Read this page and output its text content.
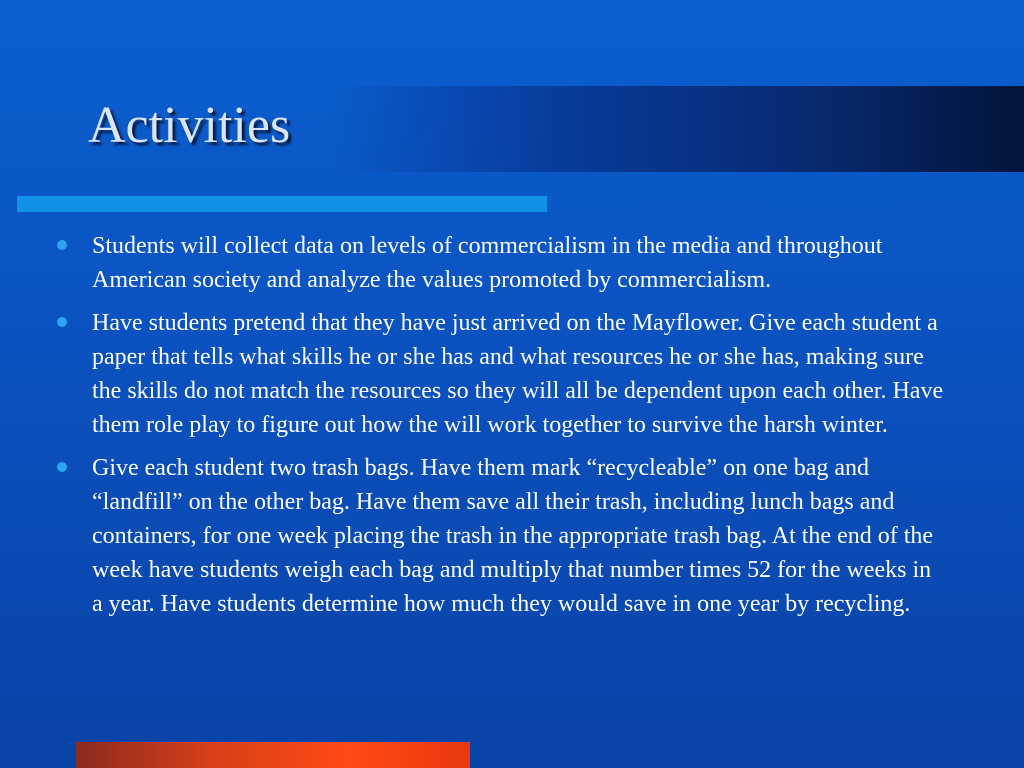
Activities
Students will collect data on levels of commercialism in the media and throughout American society and analyze the values promoted by commercialism.
Have students pretend that they have just arrived on the Mayflower. Give each student a paper that tells what skills he or she has and what resources he or she has, making sure the skills do not match the resources so they will all be dependent upon each other. Have them role play to figure out how the will work together to survive the harsh winter.
Give each student two trash bags. Have them mark “recycleable” on one bag and “landfill” on the other bag. Have them save all their trash, including lunch bags and containers, for one week placing the trash in the appropriate trash bag. At the end of the week have students weigh each bag and multiply that number times 52 for the weeks in a year. Have students determine how much they would save in one year by recycling.
